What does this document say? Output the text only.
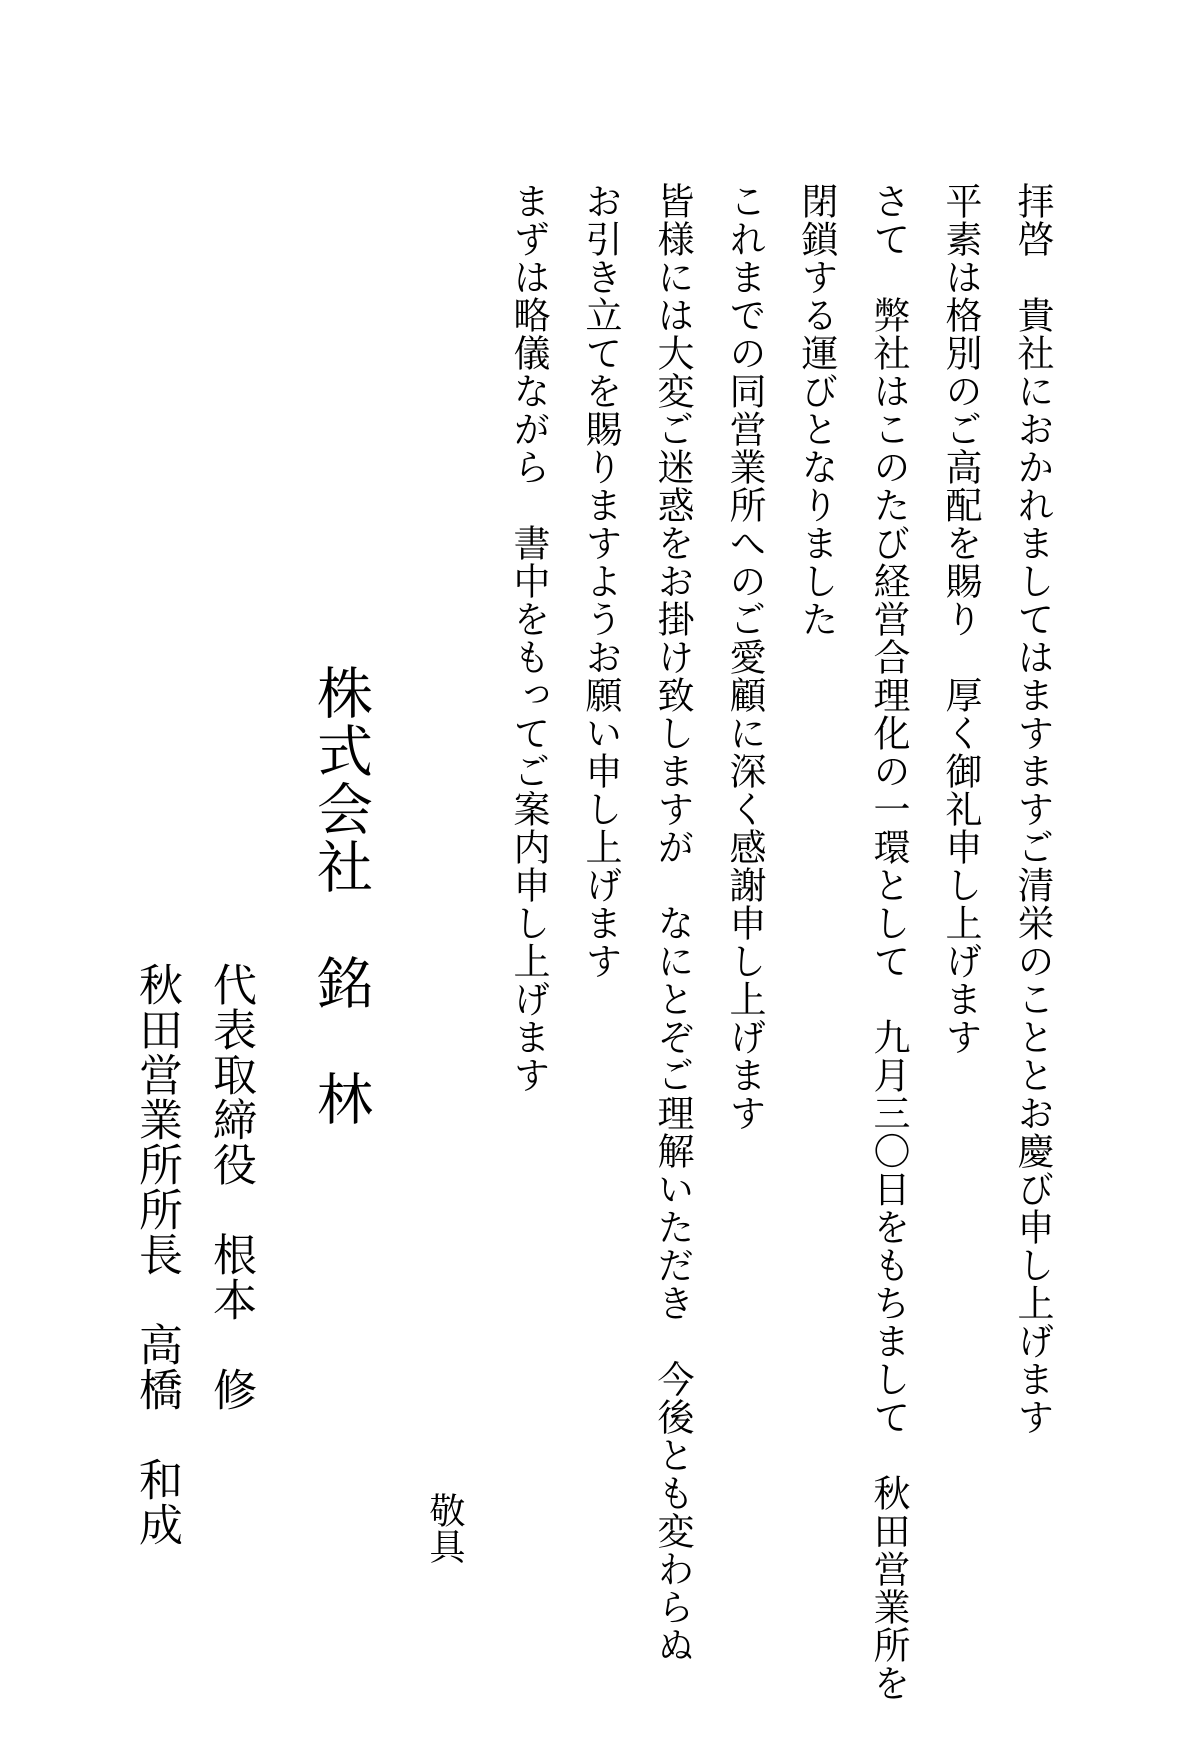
拝啓　貴社におかれましてはますますご清栄のこととお慶び申し上げます
平素は格別のご高配を賜り　厚く御礼申し上げます
さて　弊社はこのたび経営合理化の一環として　九月三〇日をもちまして　秋田営業所を
閉鎖する運びとなりました
これまでの同営業所へのご愛顧に深く感謝申し上げます
皆様には大変ご迷惑をお掛け致しますが　なにとぞご理解いただき　今後とも変わらぬ
お引き立てを賜りますようお願い申し上げます
まずは略儀ながら　書中をもってご案内申し上げます
敬具
株式会社　銘　林
代表取締役　根本　修
秋田営業所所長　高橋　和成
